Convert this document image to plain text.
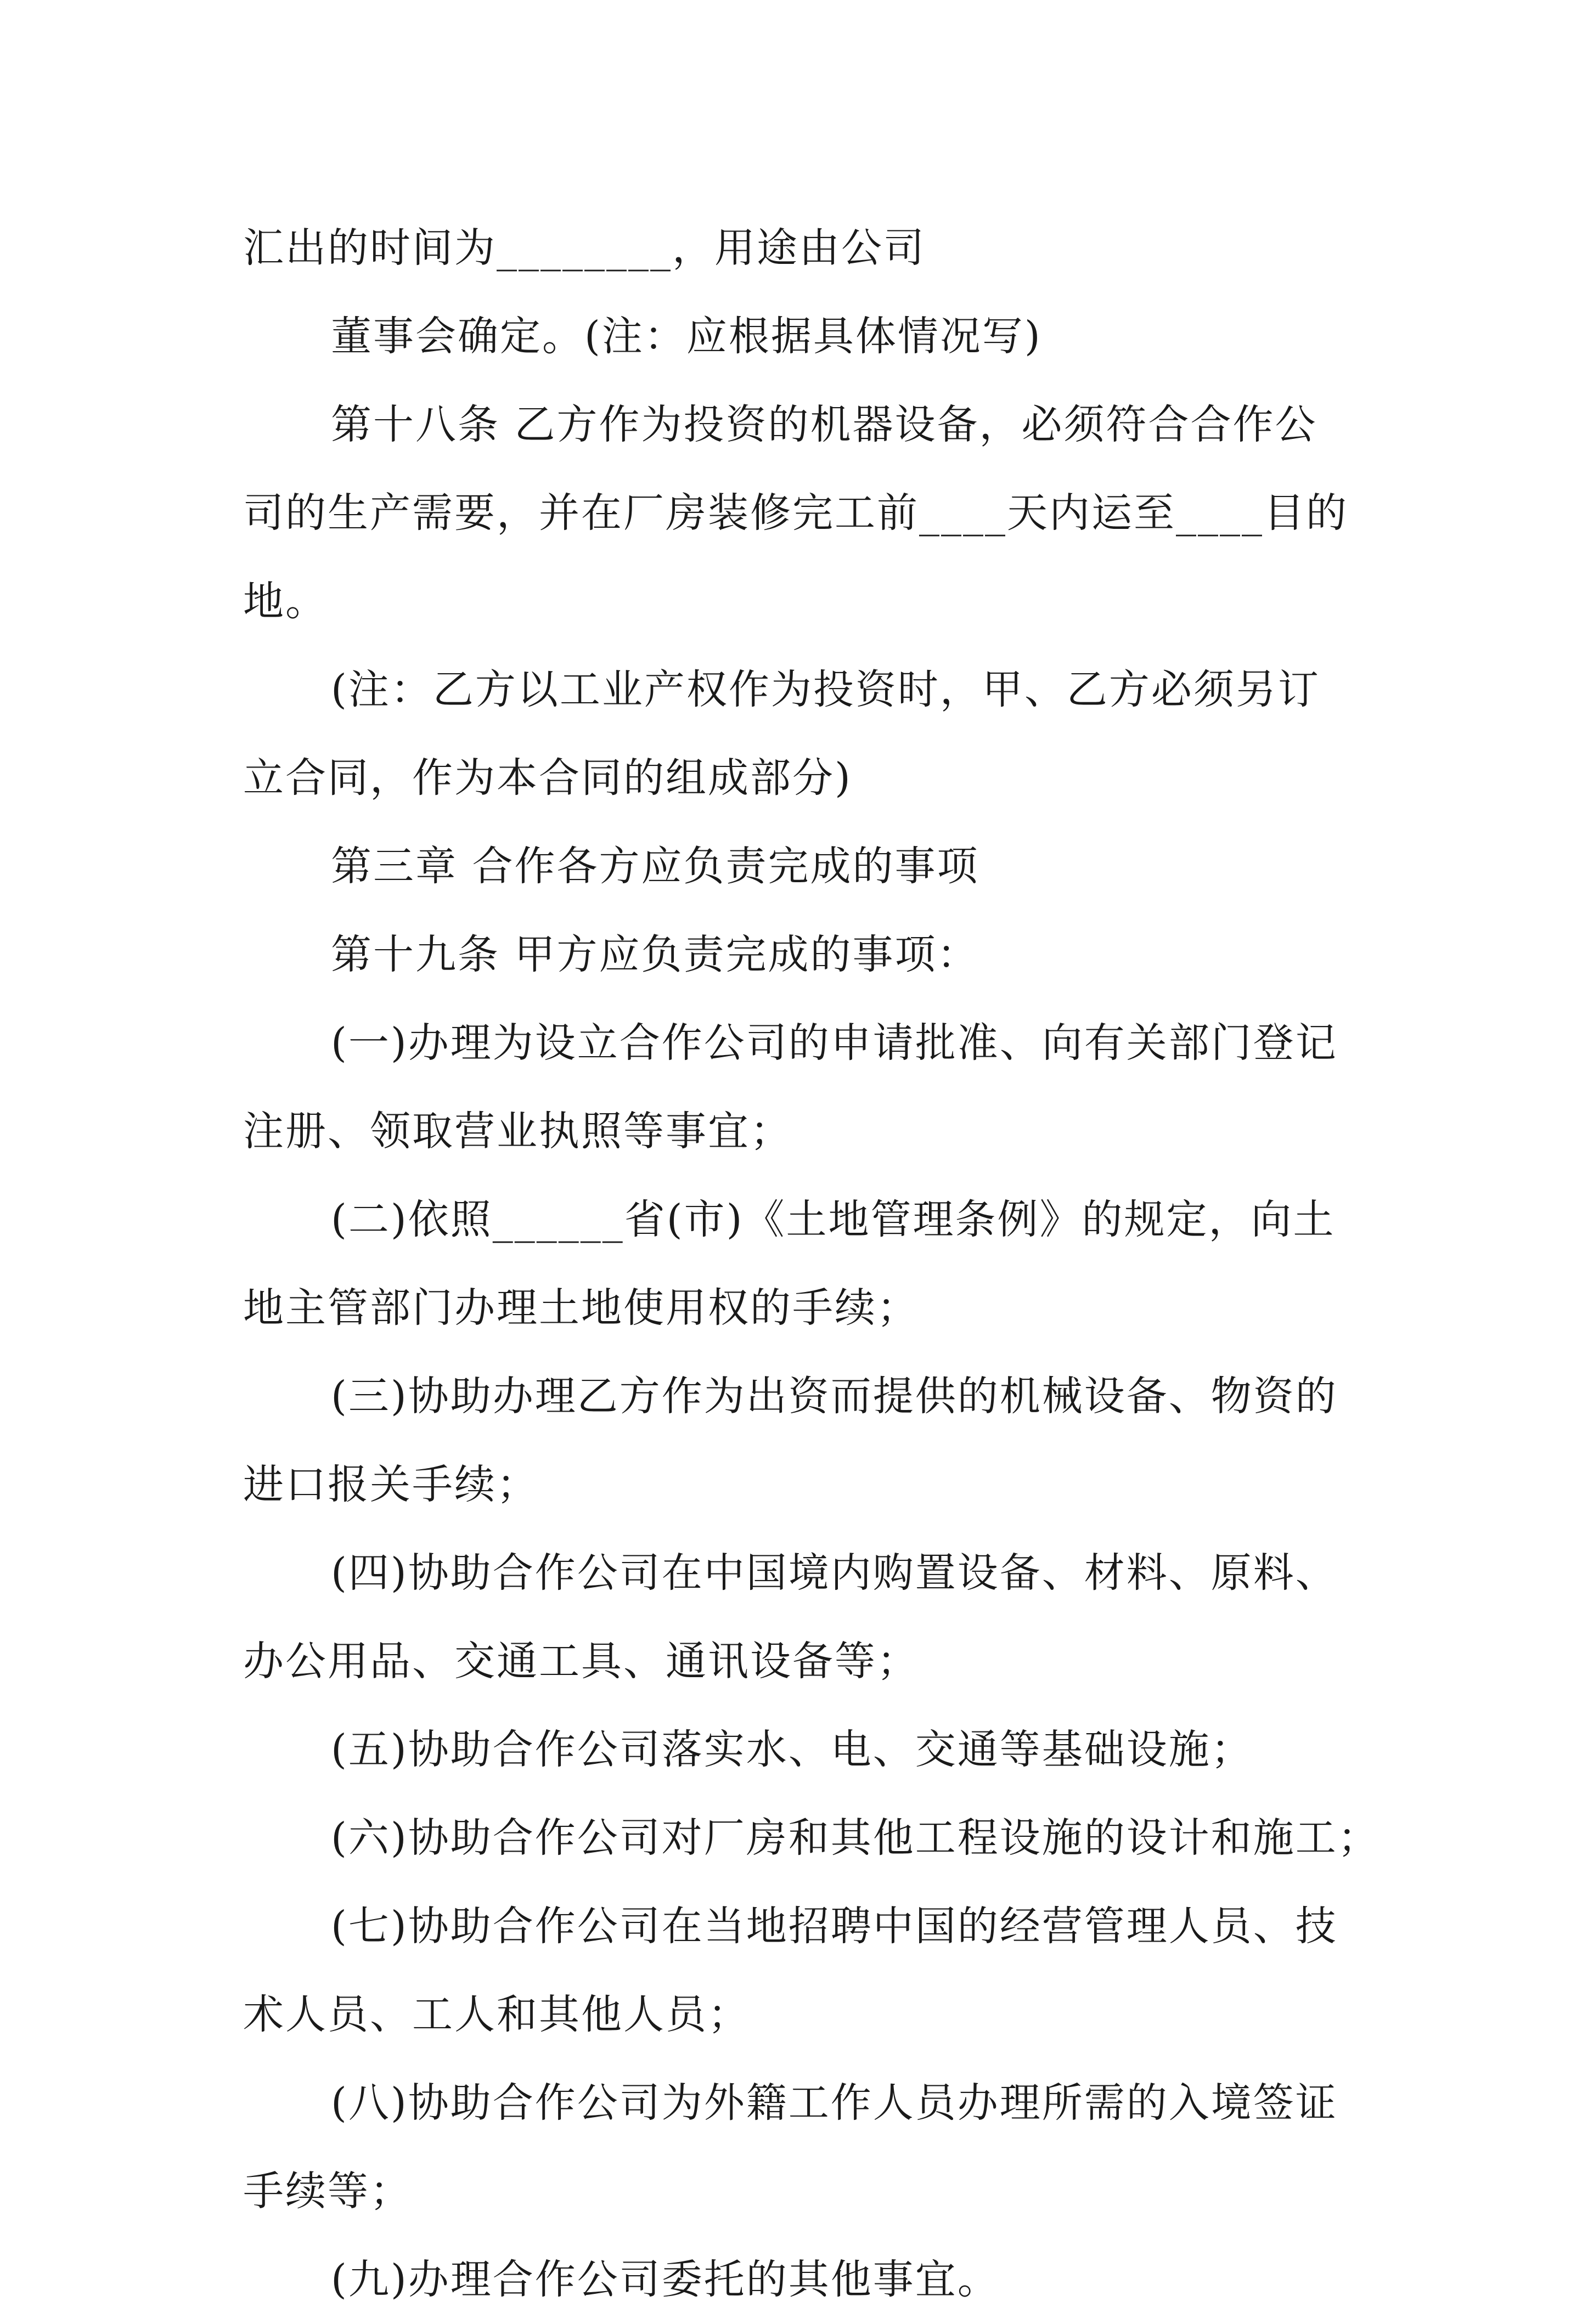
汇出的时间为________，用途由公司
董事会确定。(注：应根据具体情况写)
第十八条 乙方作为投资的机器设备，必须符合合作公
司的生产需要，并在厂房装修完工前____天内运至____目的
地。
(注：乙方以工业产权作为投资时，甲、乙方必须另订
立合同，作为本合同的组成部分)
第三章 合作各方应负责完成的事项
第十九条 甲方应负责完成的事项：
(一)办理为设立合作公司的申请批准、向有关部门登记
注册、领取营业执照等事宜；
(二)依照______省(市)《土地管理条例》的规定，向土
地主管部门办理土地使用权的手续；
(三)协助办理乙方作为出资而提供的机械设备、物资的
进口报关手续；
(四)协助合作公司在中国境内购置设备、材料、原料、
办公用品、交通工具、通讯设备等；
(五)协助合作公司落实水、电、交通等基础设施；
(六)协助合作公司对厂房和其他工程设施的设计和施工；
(七)协助合作公司在当地招聘中国的经营管理人员、技
术人员、工人和其他人员；
(八)协助合作公司为外籍工作人员办理所需的入境签证
手续等；
(九)办理合作公司委托的其他事宜。
